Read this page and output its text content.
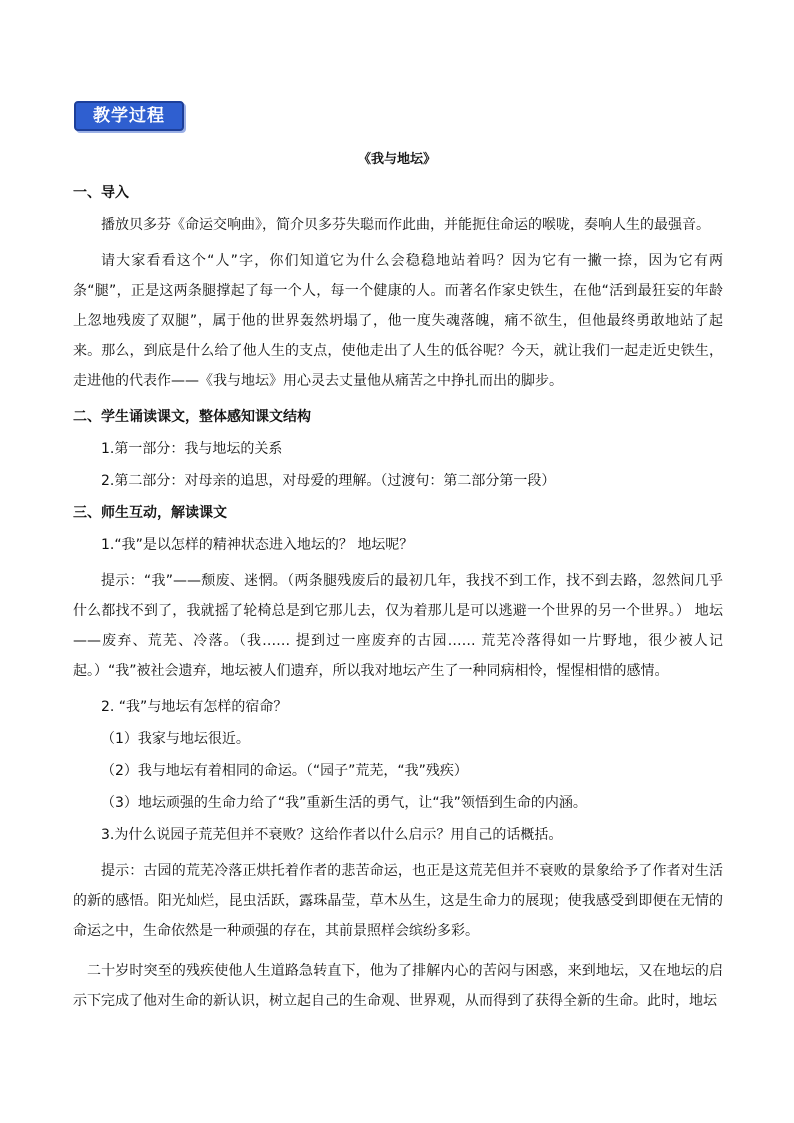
教学过程
《我与地坛》

一、导入

播放贝多芬《命运交响曲》，简介贝多芬失聪而作此曲，并能扼住命运的喉咙，奏响人生的最强音。

请大家看看这个“人”字，你们知道它为什么会稳稳地站着吗？因为它有一撇一捺，因为它有两条“腿”，正是这两条腿撑起了每一个人，每一个健康的人。而著名作家史铁生，在他“活到最狂妄的年龄上忽地残废了双腿”，属于他的世界轰然坍塌了，他一度失魂落魄，痛不欲生，但他最终勇敢地站了起来。那么，到底是什么给了他人生的支点，使他走出了人生的低谷呢？今天，就让我们一起走近史铁生，走进他的代表作——《我与地坛》用心灵去丈量他从痛苦之中挣扎而出的脚步。

二、学生诵读课文，整体感知课文结构

1.第一部分：我与地坛的关系

2.第二部分：对母亲的追思，对母爱的理解。（过渡句：第二部分第一段）

三、师生互动，解读课文

1.“我”是以怎样的精神状态进入地坛的？ 地坛呢？

提示：“我”——颓废、迷惘。（两条腿残废后的最初几年，我找不到工作，找不到去路，忽然间几乎什么都找不到了，我就摇了轮椅总是到它那儿去，仅为着那儿是可以逃避一个世界的另一个世界。） 地坛——废弃、荒芜、冷落。（我…… 提到过一座废弃的古园…… 荒芜冷落得如一片野地，很少被人记起。）“我”被社会遗弃，地坛被人们遗弃，所以我对地坛产生了一种同病相怜，惺惺相惜的感情。

2. “我”与地坛有怎样的宿命？

（1）我家与地坛很近。

（2）我与地坛有着相同的命运。（“园子”荒芜，“我”残疾）

（3）地坛顽强的生命力给了“我”重新生活的勇气，让“我”领悟到生命的内涵。

3.为什么说园子荒芜但并不衰败？这给作者以什么启示？用自己的话概括。

提示：古园的荒芜冷落正烘托着作者的悲苦命运，也正是这荒芜但并不衰败的景象给予了作者对生活的新的感悟。阳光灿烂，昆虫活跃，露珠晶莹，草木丛生，这是生命力的展现；使我感受到即便在无情的命运之中，生命依然是一种顽强的存在，其前景照样会缤纷多彩。

二十岁时突至的残疾使他人生道路急转直下，他为了排解内心的苦闷与困惑，来到地坛，又在地坛的启示下完成了他对生命的新认识，树立起自己的生命观、世界观，从而得到了获得全新的生命。此时，地坛
